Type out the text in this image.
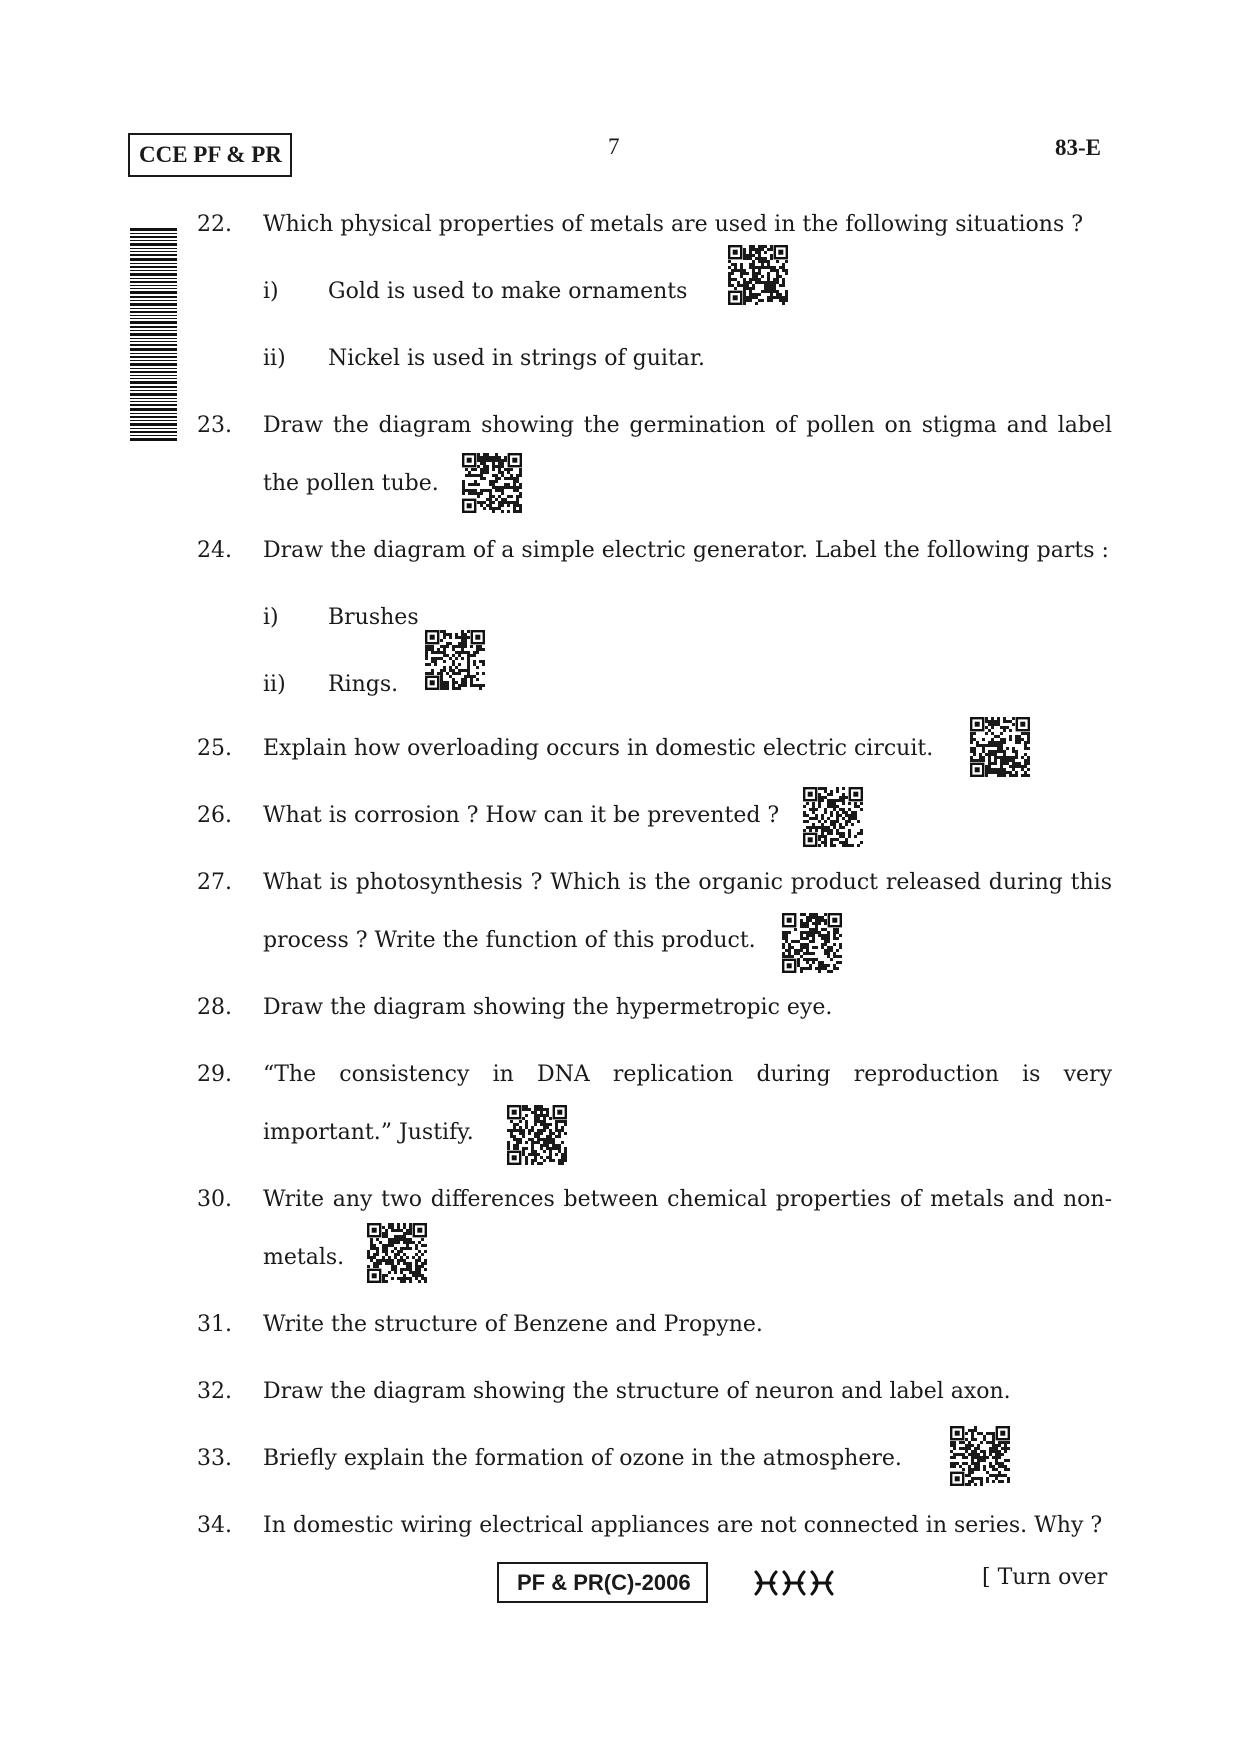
CCE PF & PR	7	83-E
22. Which physical properties of metals are used in the following situations ?
i) Gold is used to make ornaments
ii) Nickel is used in strings of guitar.
23. Draw the diagram showing the germination of pollen on stigma and label
the pollen tube.
24. Draw the diagram of a simple electric generator. Label the following parts :
i) Brushes
ii) Rings.
25. Explain how overloading occurs in domestic electric circuit.
26. What is corrosion ? How can it be prevented ?
27. What is photosynthesis ? Which is the organic product released during this
process ? Write the function of this product.
28. Draw the diagram showing the hypermetropic eye.
29. “The consistency in DNA replication during reproduction is very
important.” Justify.
30. Write any two differences between chemical properties of metals and non-
metals.
31. Write the structure of Benzene and Propyne.
32. Draw the diagram showing the structure of neuron and label axon.
33. Briefly explain the formation of ozone in the atmosphere.
34. In domestic wiring electrical appliances are not connected in series. Why ?
PF & PR(C)-2006	[ Turn over
